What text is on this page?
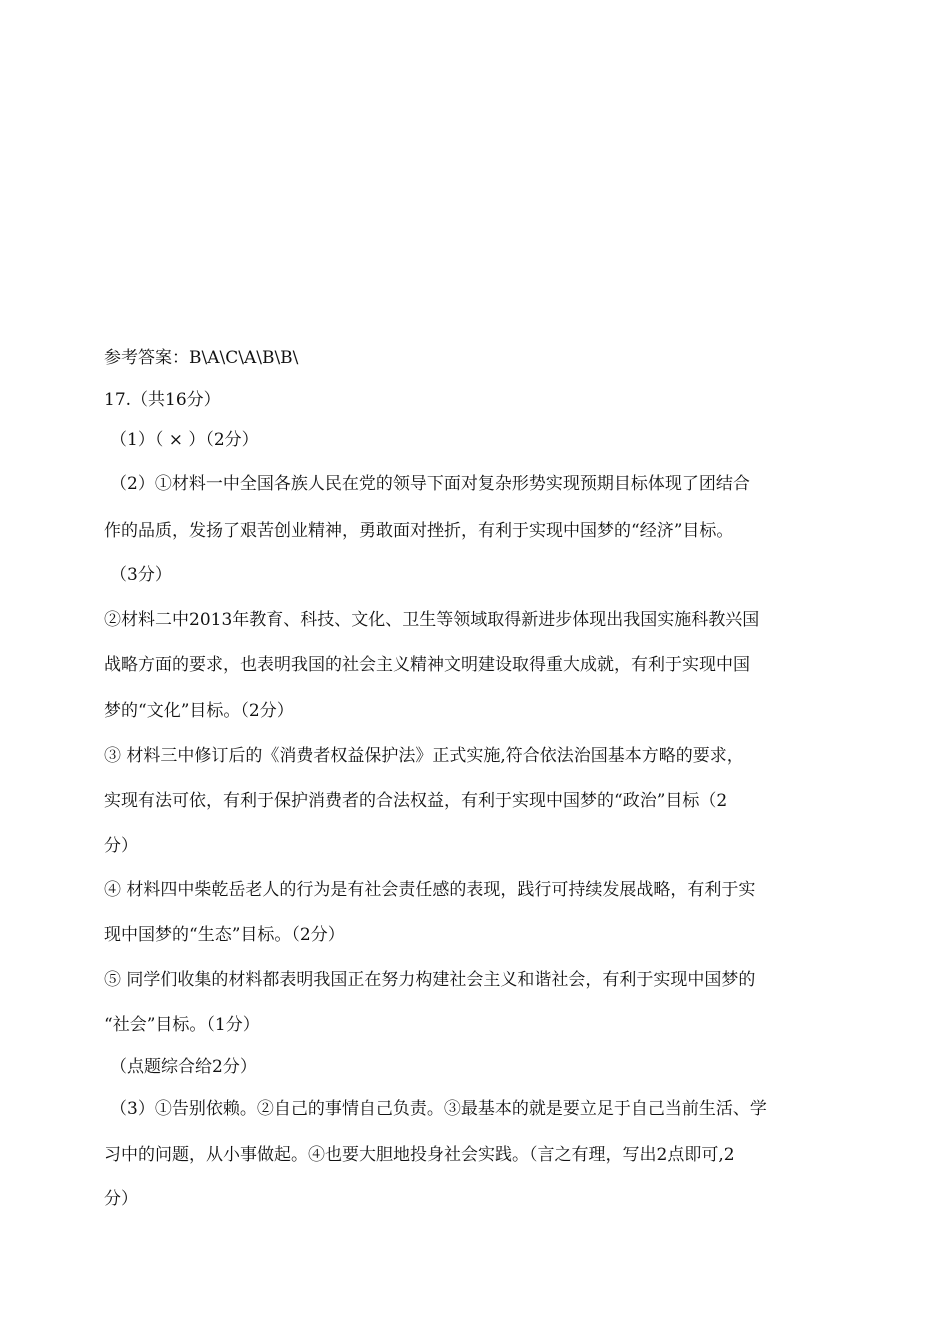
参考答案：B\A\C\A\B\B\
17.（共16分）
（1）（ × ）（2分）
（2）①材料一中全国各族人民在党的领导下面对复杂形势实现预期目标体现了团结合
作的品质，发扬了艰苦创业精神，勇敢面对挫折，有利于实现中国梦的“经济”目标。
（3分）
②材料二中2013年教育、科技、文化、卫生等领域取得新进步体现出我国实施科教兴国
战略方面的要求，也表明我国的社会主义精神文明建设取得重大成就，有利于实现中国
梦的“文化”目标。（2分）
③ 材料三中修订后的《消费者权益保护法》正式实施,符合依法治国基本方略的要求，
实现有法可依，有利于保护消费者的合法权益，有利于实现中国梦的“政治”目标（2
分）
④ 材料四中柴乾岳老人的行为是有社会责任感的表现，践行可持续发展战略，有利于实
现中国梦的“生态”目标。（2分）
⑤ 同学们收集的材料都表明我国正在努力构建社会主义和谐社会，有利于实现中国梦的
“社会”目标。（1分）
（点题综合给2分）
（3）①告别依赖。②自己的事情自己负责。③最基本的就是要立足于自己当前生活、学
习中的问题，从小事做起。④也要大胆地投身社会实践。（言之有理，写出2点即可,2
分）
